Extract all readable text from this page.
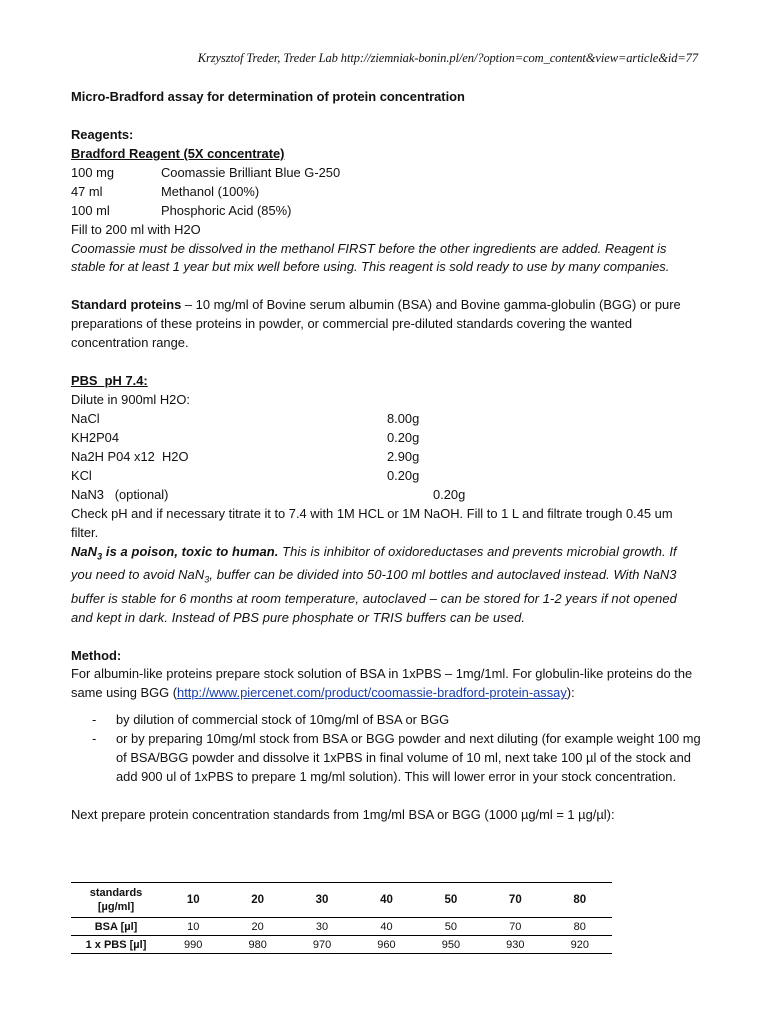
Krzysztof Treder, Treder Lab http://ziemniak-bonin.pl/en/?option=com_content&view=article&id=77
Micro-Bradford assay for determination of protein concentration
Reagents:
Bradford Reagent (5X concentrate)
100 mg	Coomassie Brilliant Blue G-250
47 ml	Methanol (100%)
100 ml	Phosphoric Acid (85%)
Fill to 200 ml with H2O
Coomassie must be dissolved in the methanol FIRST before the other ingredients are added. Reagent is stable for at least 1 year but mix well before using. This reagent is sold ready to use by many companies.
Standard proteins – 10 mg/ml of Bovine serum albumin (BSA) and Bovine gamma-globulin (BGG) or pure preparations of these proteins in powder, or commercial pre-diluted standards covering the wanted concentration range.
PBS  pH 7.4:
Dilute in 900ml H2O:
NaCl	8.00g
KH2P04	0.20g
Na2H P04 x12  H2O	2.90g
KCl	0.20g
NaN3   (optional)	0.20g
Check pH and if necessary titrate it to 7.4 with 1M HCL or 1M NaOH. Fill to 1 L and filtrate trough 0.45 um filter.
NaN$_3$ is a poison, toxic to human. This is inhibitor of oxidoreductases and prevents microbial growth. If you need to avoid NaN$_3$, buffer can be divided into 50-100 ml bottles and autoclaved instead. With NaN3 buffer is stable for 6 months at room temperature, autoclaved – can be stored for 1-2 years if not opened and kept in dark. Instead of PBS pure phosphate or TRIS buffers can be used.
Method:
For albumin-like proteins prepare stock solution of BSA in 1xPBS – 1mg/1ml. For globulin-like proteins do the same using BGG (http://www.piercenet.com/product/coomassie-bradford-protein-assay):
- by dilution of commercial stock of 10mg/ml of BSA or BGG
- or by preparing 10mg/ml stock from BSA or BGG powder and next diluting (for example weight 100 mg of BSA/BGG powder and dissolve it 1xPBS in final volume of 10 ml, next take 100 µl of the stock and add 900 ul of 1xPBS to prepare 1 mg/ml solution). This will lower error in your stock concentration.
Next prepare protein concentration standards from 1mg/ml BSA or BGG (1000 µg/ml = 1 µg/µl):
standards
[µg/ml]	10	20	30	40	50	70	80
BSA [µl]	10	20	30	40	50	70	80
1 x PBS [µl]	990	980	970	960	950	930	920
